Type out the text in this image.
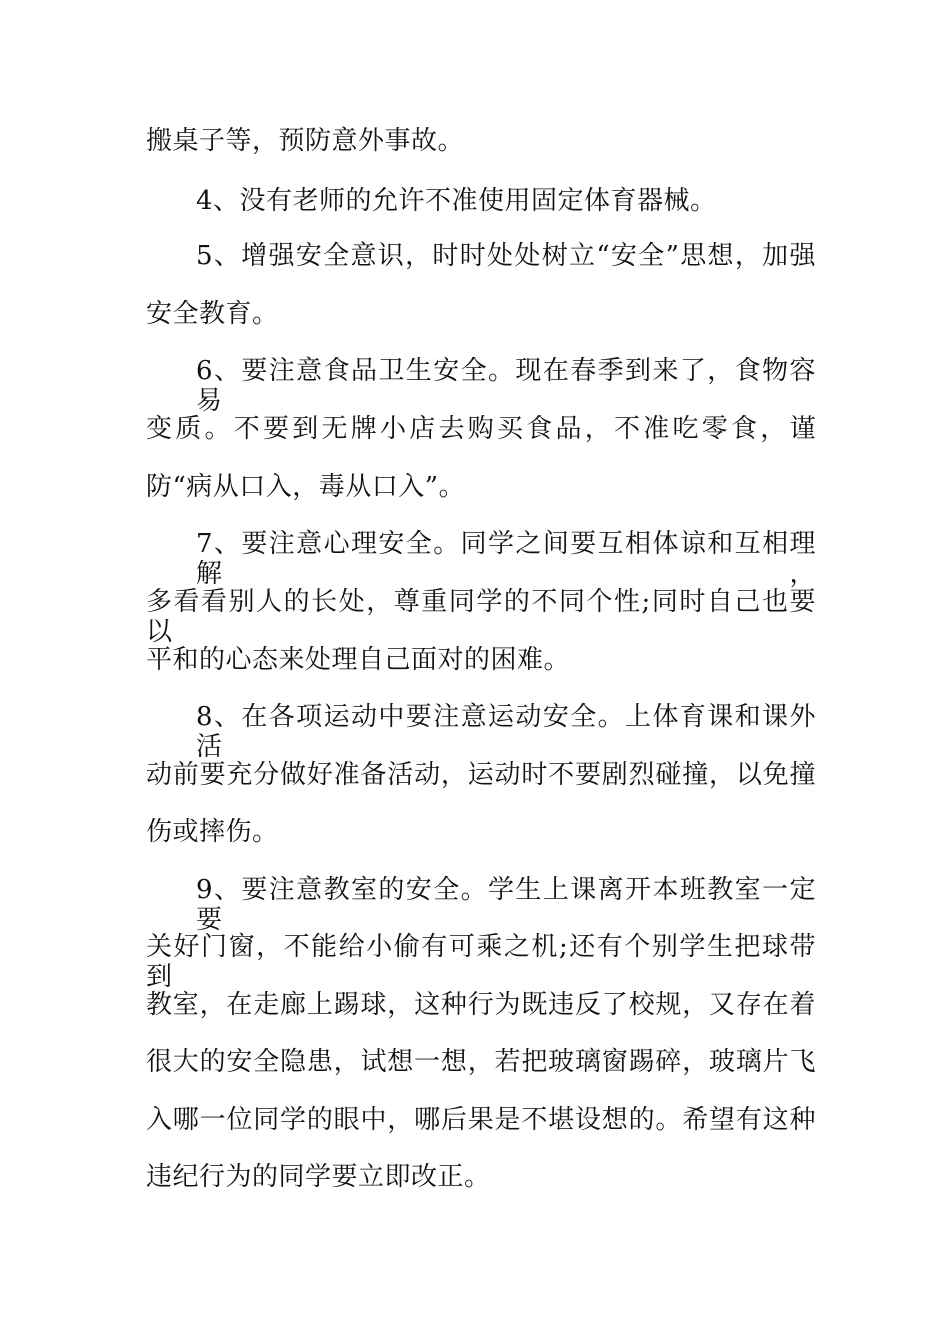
搬桌子等，预防意外事故。
4、没有老师的允许不准使用固定体育器械。
5、增强安全意识，时时处处树立“安全”思想，加强
安全教育。
6、要注意食品卫生安全。现在春季到来了，食物容易
变质。不要到无牌小店去购买食品，不准吃零食，谨
防“病从口入，毒从口入”。
7、要注意心理安全。同学之间要互相体谅和互相理解，
多看看别人的长处，尊重同学的不同个性;同时自己也要以
平和的心态来处理自己面对的困难。
8、在各项运动中要注意运动安全。上体育课和课外活
动前要充分做好准备活动，运动时不要剧烈碰撞，以免撞
伤或摔伤。
9、要注意教室的安全。学生上课离开本班教室一定要
关好门窗，不能给小偷有可乘之机;还有个别学生把球带到
教室，在走廊上踢球，这种行为既违反了校规，又存在着
很大的安全隐患，试想一想，若把玻璃窗踢碎，玻璃片飞
入哪一位同学的眼中，哪后果是不堪设想的。希望有这种
违纪行为的同学要立即改正。
